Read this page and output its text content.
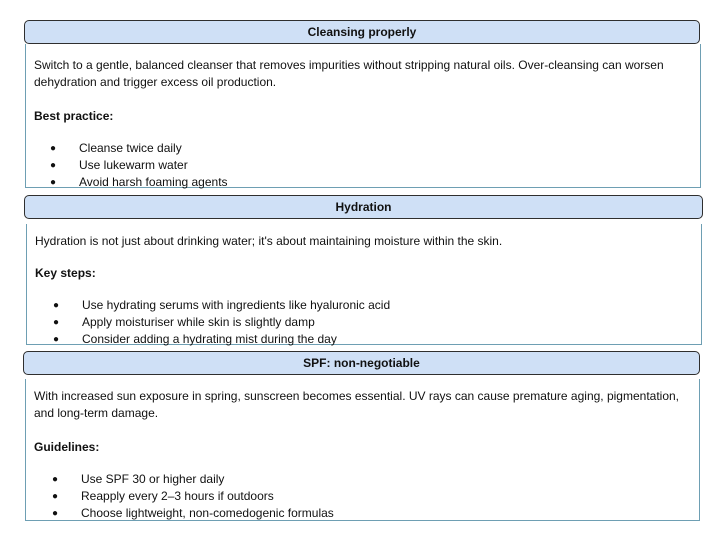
Cleansing properly

Switch to a gentle, balanced cleanser that removes impurities without stripping natural oils. Over-cleansing can worsen dehydration and trigger excess oil production.

Best practice:

● Cleanse twice daily
● Use lukewarm water
● Avoid harsh foaming agents
Hydration

Hydration is not just about drinking water; it's about maintaining moisture within the skin.

Key steps:

● Use hydrating serums with ingredients like hyaluronic acid
● Apply moisturiser while skin is slightly damp
● Consider adding a hydrating mist during the day
SPF: non-negotiable

With increased sun exposure in spring, sunscreen becomes essential. UV rays can cause premature aging, pigmentation, and long-term damage.

Guidelines:

● Use SPF 30 or higher daily
● Reapply every 2–3 hours if outdoors
● Choose lightweight, non-comedogenic formulas
